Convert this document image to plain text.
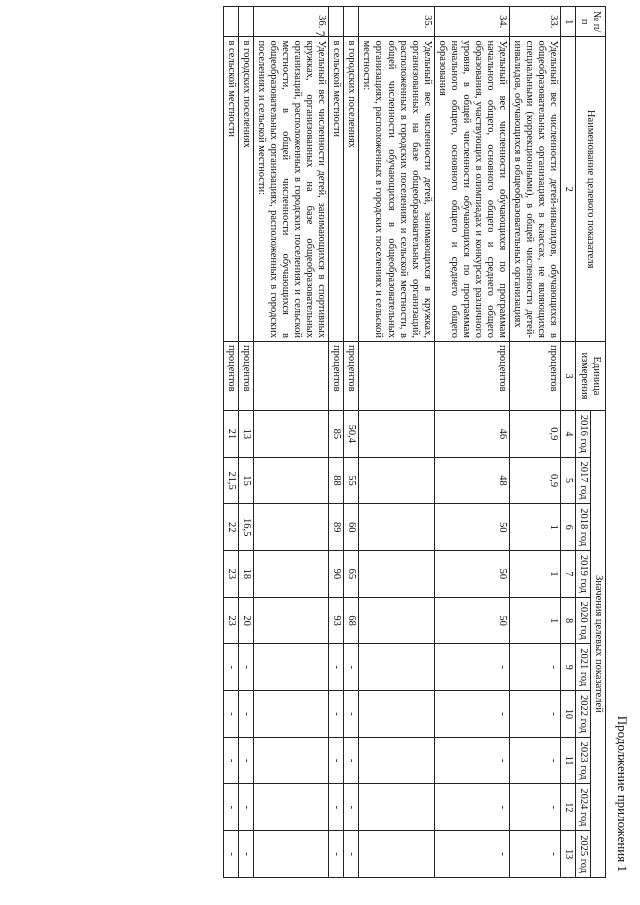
7
Продолжение приложения 1
№ п/п	Наименование целевого показателя	Единица измерения	Значения целевых показателей									
			2016 год	2017 год	2018 год	2019 год	2020 год	2021 год	2022 год	2023 год	2024 год	2025 год
1	2	3	4	5	6	7	8	9	10	11	12	13
33.	Удельный вес численности детей-инвалидов, обучающихся в общеобразовательных организациях в классах, не являющихся специальными (коррекционными), в общей численности детей-инвалидов, обучающихся в общеобразовательных организациях	процентов	0,9	0,9	1	1	1	-	-	-	-	-
34.	Удельный вес численности обучающихся по программам начального общего, основного общего и среднего общего образования, участвующих в олимпиадах и конкурсах различного уровня, в общей численности обучающихся по программам начального общего, основного общего и среднего общего образования	процентов	46	48	50	50	50	-	-	-	-	-
35.	Удельный вес численности детей, занимающихся в кружках, организованных на базе общеобразовательных организаций, расположенных в городских поселениях и сельской местности, в общей численности обучающихся в общеобразовательных организациях, расположенных в городских поселениях и сельской местности:											
	в городских поселениях	процентов	50,4	55	60	65	68	-	-	-	-	-
	в сельской местности	процентов	85	88	89	90	93	-	-	-	-	-
36.	Удельный вес численности детей, занимающихся в спортивных кружках, организованных на базе общеобразовательных организаций, расположенных в городских поселениях и сельской местности, в общей численности обучающихся в общеобразовательных организациях, расположенных в городских поселениях и сельской местности:											
	в городских поселениях	процентов	13	15	16,5	18	20	-	-	-	-	-
	в сельской местности	процентов	21	21,5	22	23	23	-	-	-	-	-
